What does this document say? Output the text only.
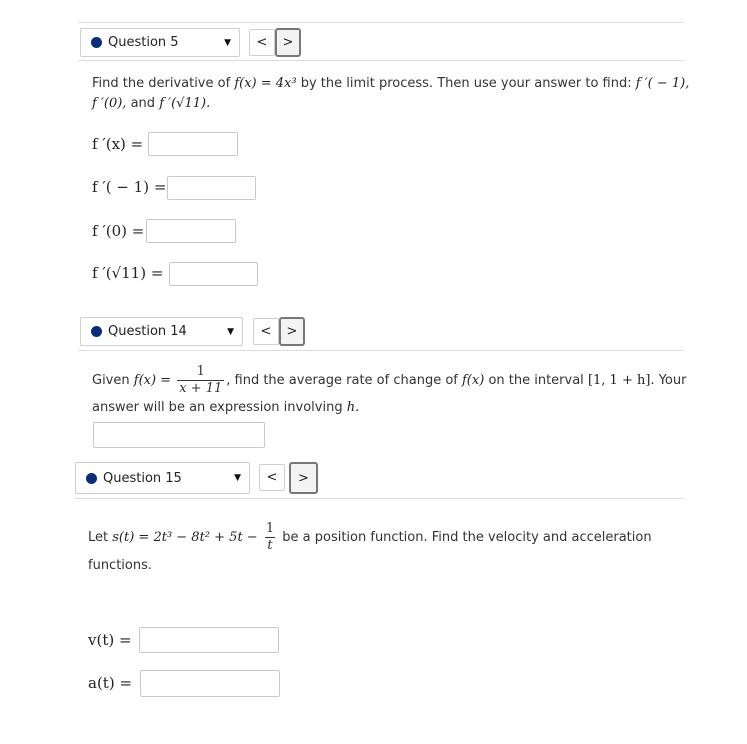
Question 5	▼	<	>
Find the derivative of f(x) = 4x³ by the limit process. Then use your answer to find: f ′( − 1),
f ′(0), and f ′(√11).
f ′(x) =
f ′( − 1) =
f ′(0) =
f ′(√11) =
Question 14	▼	<	>
Given $f(x) = \frac{1}{x + 11}$ , find the average rate of change of f(x) on the interval [1, 1 + h]. Your
answer will be an expression involving h.
Question 15	▼	<	>
Let $s(t) = 2t^3 - 8t^2 + 5t - \frac{1}{t}$ be a position function. Find the velocity and acceleration
functions.
v(t) =
a(t) =
